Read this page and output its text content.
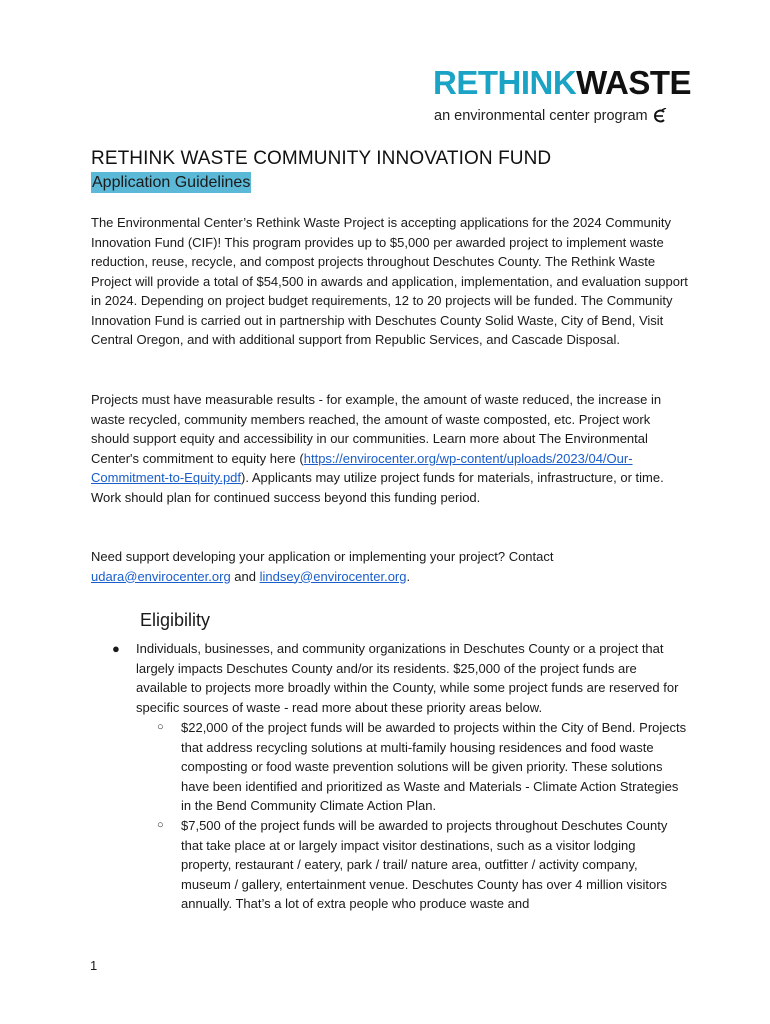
RETHINKWASTE
an environmental center program
RETHINK WASTE COMMUNITY INNOVATION FUND
Application Guidelines
The Environmental Center’s Rethink Waste Project is accepting applications for the 2024 Community Innovation Fund (CIF)! This program provides up to $5,000 per awarded project to implement waste reduction, reuse, recycle, and compost projects throughout Deschutes County. The Rethink Waste Project will provide a total of $54,500 in awards and application, implementation, and evaluation support in 2024. Depending on project budget requirements, 12 to 20 projects will be funded. The Community Innovation Fund is carried out in partnership with Deschutes County Solid Waste, City of Bend, Visit Central Oregon, and with additional support from Republic Services, and Cascade Disposal.
Projects must have measurable results - for example, the amount of waste reduced, the increase in waste recycled, community members reached, the amount of waste composted, etc. Project work should support equity and accessibility in our communities. Learn more about The Environmental Center's commitment to equity here (https://envirocenter.org/wp-content/uploads/2023/04/Our-Commitment-to-Equity.pdf). Applicants may utilize project funds for materials, infrastructure, or time. Work should plan for continued success beyond this funding period.
Need support developing your application or implementing your project? Contact
udara@envirocenter.org and lindsey@envirocenter.org.
Eligibility
●	Individuals, businesses, and community organizations in Deschutes County or a project that largely impacts Deschutes County and/or its residents. $25,000 of the project funds are available to projects more broadly within the County, while some project funds are reserved for specific sources of waste - read more about these priority areas below.
○	$22,000 of the project funds will be awarded to projects within the City of Bend. Projects that address recycling solutions at multi-family housing residences and food waste composting or food waste prevention solutions will be given priority. These solutions have been identified and prioritized as Waste and Materials - Climate Action Strategies in the Bend Community Climate Action Plan.
○	$7,500 of the project funds will be awarded to projects throughout Deschutes County that take place at or largely impact visitor destinations, such as a visitor lodging property, restaurant / eatery, park / trail/ nature area, outfitter / activity company, museum / gallery, entertainment venue. Deschutes County has over 4 million visitors annually. That’s a lot of extra people who produce waste and
1
